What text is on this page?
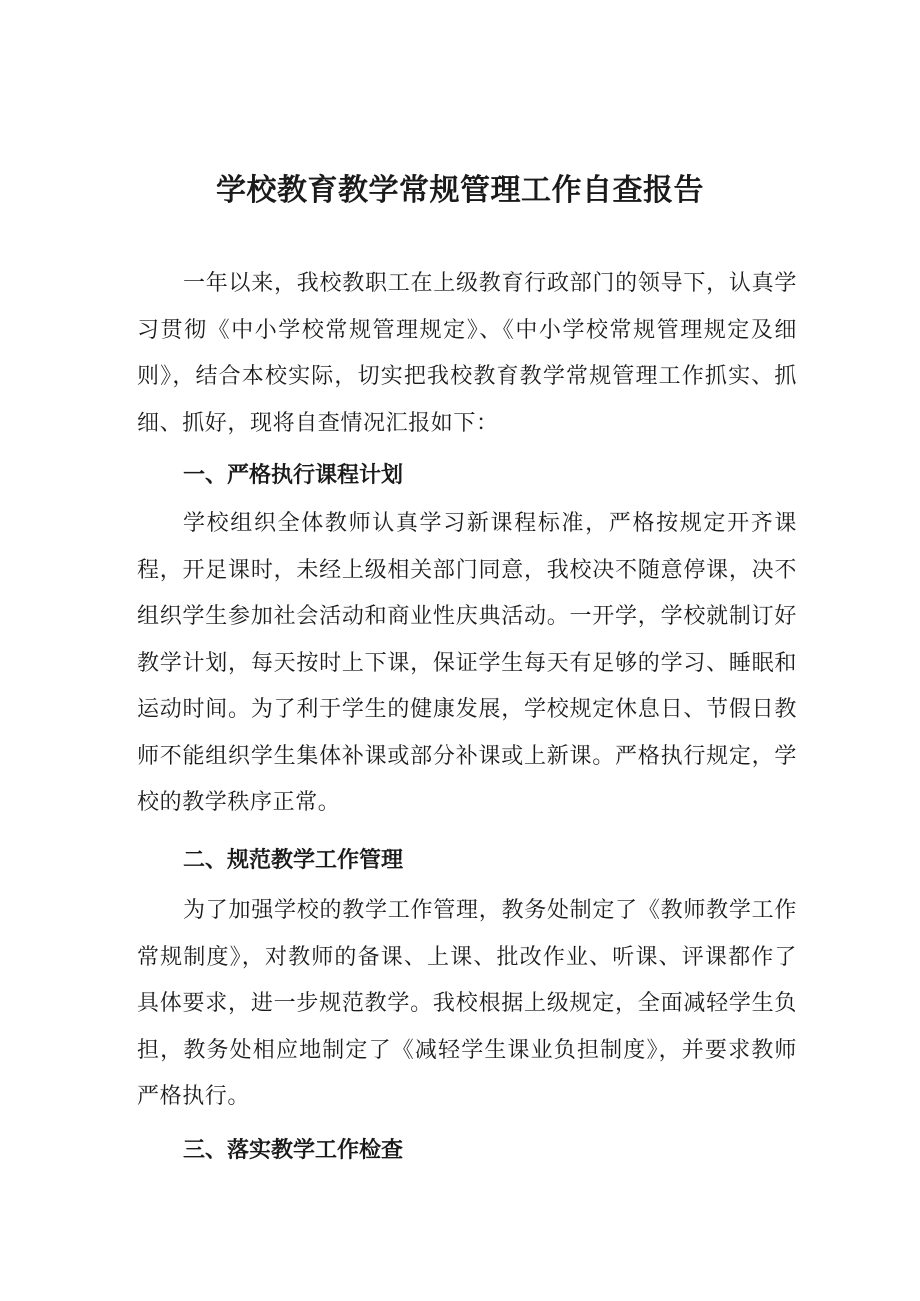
学校教育教学常规管理工作自查报告

一年以来，我校教职工在上级教育行政部门的领导下，认真学习贯彻《中小学校常规管理规定》、《中小学校常规管理规定及细则》，结合本校实际，切实把我校教育教学常规管理工作抓实、抓细、抓好，现将自查情况汇报如下：

一、严格执行课程计划

学校组织全体教师认真学习新课程标准，严格按规定开齐课程，开足课时，未经上级相关部门同意，我校决不随意停课，决不组织学生参加社会活动和商业性庆典活动。一开学，学校就制订好教学计划，每天按时上下课，保证学生每天有足够的学习、睡眠和运动时间。为了利于学生的健康发展，学校规定休息日、节假日教师不能组织学生集体补课或部分补课或上新课。严格执行规定，学校的教学秩序正常。

二、规范教学工作管理

为了加强学校的教学工作管理，教务处制定了《教师教学工作常规制度》，对教师的备课、上课、批改作业、听课、评课都作了具体要求，进一步规范教学。我校根据上级规定，全面减轻学生负担，教务处相应地制定了《减轻学生课业负担制度》，并要求教师严格执行。

三、落实教学工作检查
